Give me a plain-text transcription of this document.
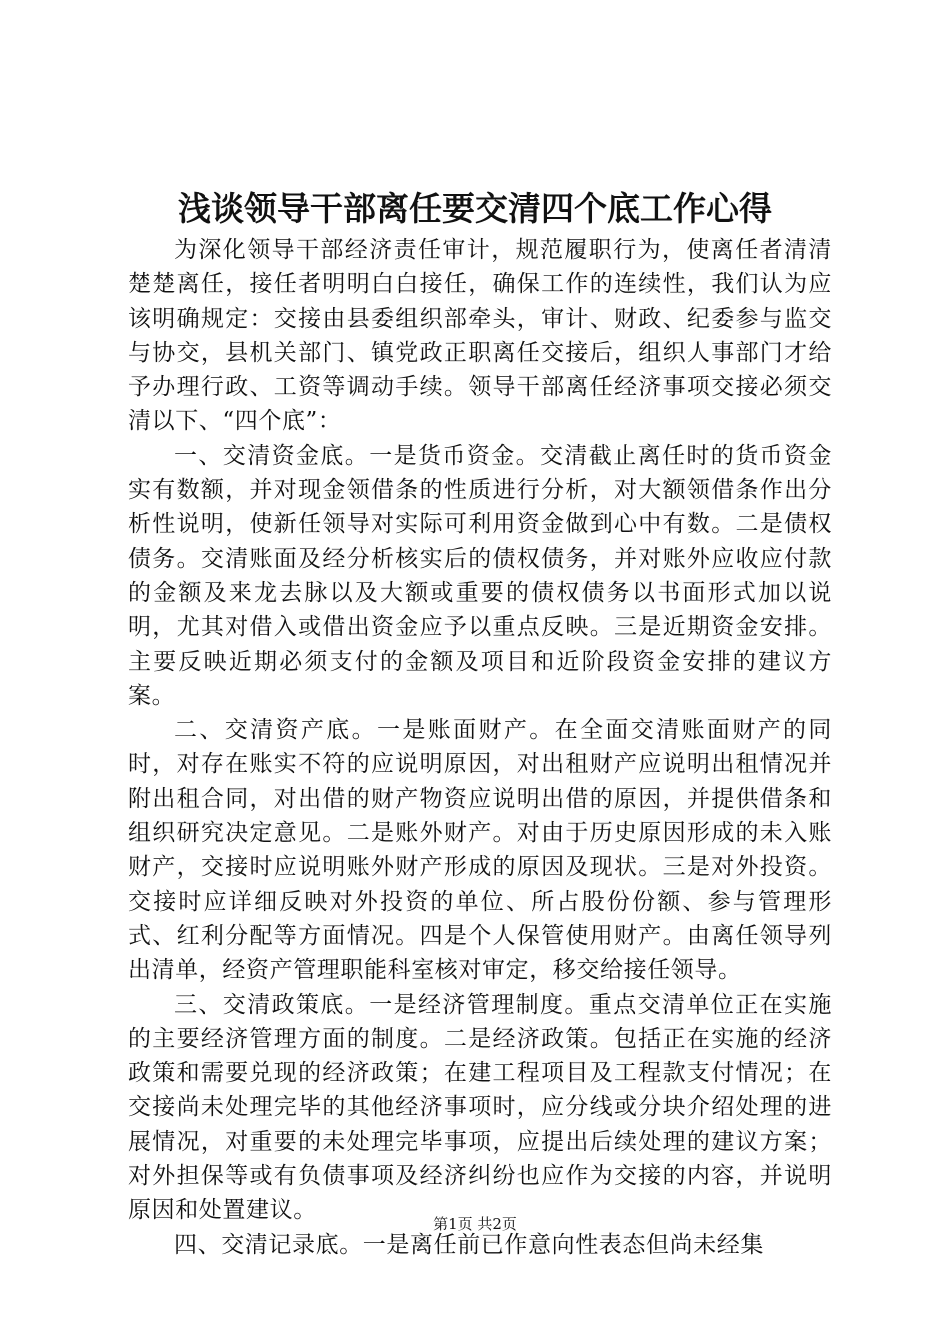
浅谈领导干部离任要交清四个底工作心得

为深化领导干部经济责任审计，规范履职行为，使离任者清清楚楚离任，接任者明明白白接任，确保工作的连续性，我们认为应该明确规定：交接由县委组织部牵头，审计、财政、纪委参与监交与协交，县机关部门、镇党政正职离任交接后，组织人事部门才给予办理行政、工资等调动手续。领导干部离任经济事项交接必须交清以下、“四个底”：

一、交清资金底。一是货币资金。交清截止离任时的货币资金实有数额，并对现金领借条的性质进行分析，对大额领借条作出分析性说明，使新任领导对实际可利用资金做到心中有数。二是债权债务。交清账面及经分析核实后的债权债务，并对账外应收应付款的金额及来龙去脉以及大额或重要的债权债务以书面形式加以说明，尤其对借入或借出资金应予以重点反映。三是近期资金安排。主要反映近期必须支付的金额及项目和近阶段资金安排的建议方案。

二、交清资产底。一是账面财产。在全面交清账面财产的同时，对存在账实不符的应说明原因，对出租财产应说明出租情况并附出租合同，对出借的财产物资应说明出借的原因，并提供借条和组织研究决定意见。二是账外财产。对由于历史原因形成的未入账财产，交接时应说明账外财产形成的原因及现状。三是对外投资。交接时应详细反映对外投资的单位、所占股份份额、参与管理形式、红利分配等方面情况。四是个人保管使用财产。由离任领导列出清单，经资产管理职能科室核对审定，移交给接任领导。

三、交清政策底。一是经济管理制度。重点交清单位正在实施的主要经济管理方面的制度。二是经济政策。包括正在实施的经济政策和需要兑现的经济政策；在建工程项目及工程款支付情况；在交接尚未处理完毕的其他经济事项时，应分线或分块介绍处理的进展情况，对重要的未处理完毕事项，应提出后续处理的建议方案；对外担保等或有负债事项及经济纠纷也应作为交接的内容，并说明原因和处置建议。

四、交清记录底。一是离任前已作意向性表态但尚未经集

第1页 共2页
